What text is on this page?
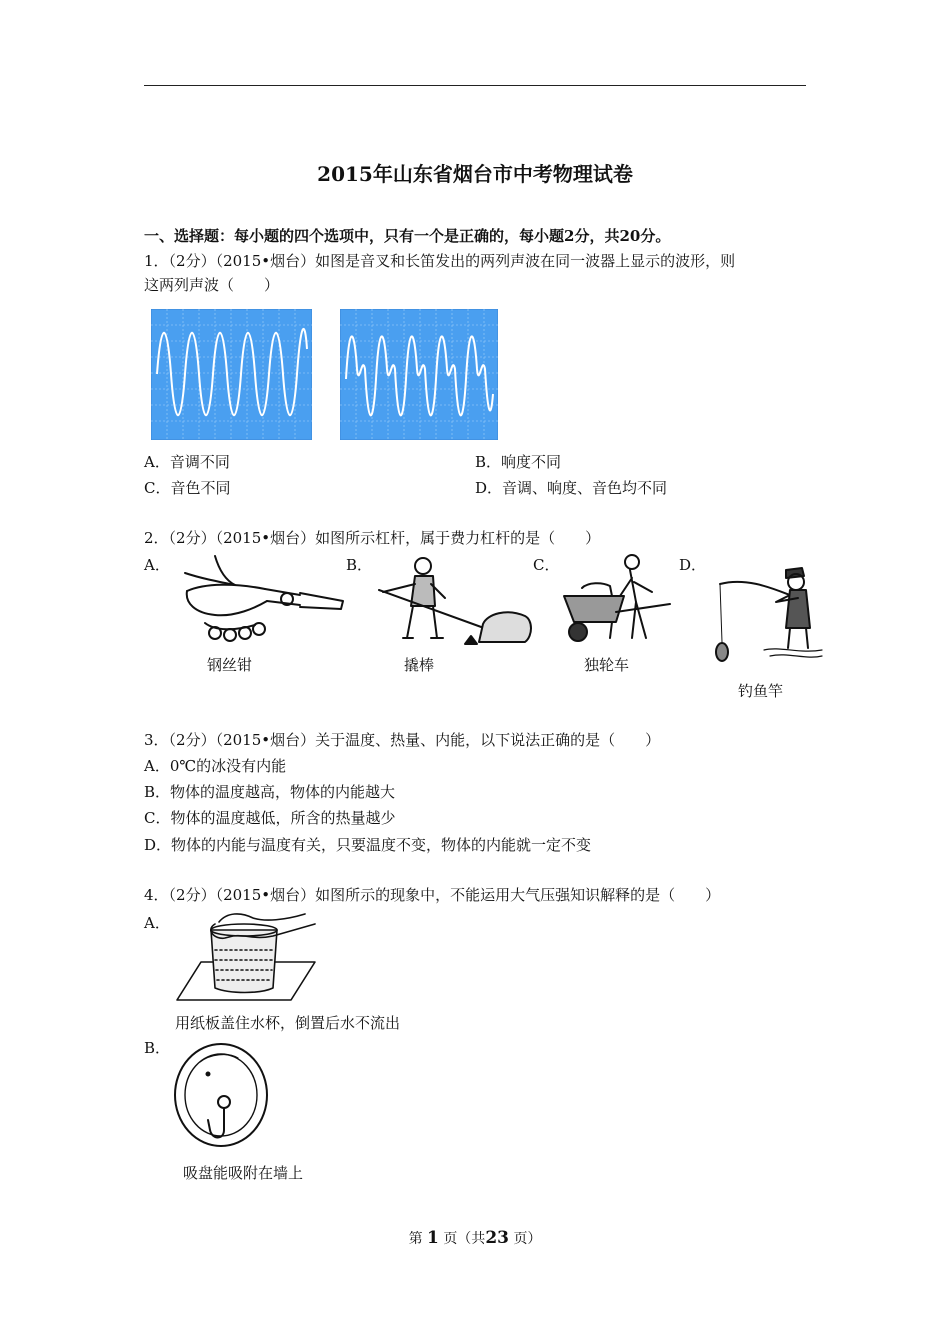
2015年山东省烟台市中考物理试卷
一、选择题：每小题的四个选项中，只有一个是正确的，每小题2分，共20分。
1．（2分）（2015•烟台）如图是音叉和长笛发出的两列声波在同一波器上显示的波形，则
这两列声波（　　）
A．音调不同	B．响度不同
C．音色不同	D．音调、响度、音色均不同
2．（2分）（2015•烟台）如图所示杠杆，属于费力杠杆的是（　　）
A．
钢丝钳
B．
撬棒
C．
独轮车
D．
钓鱼竿
3．（2分）（2015•烟台）关于温度、热量、内能，以下说法正确的是（　　）
A．0℃的冰没有内能
B．物体的温度越高，物体的内能越大
C．物体的温度越低，所含的热量越少
D．物体的内能与温度有关，只要温度不变，物体的内能就一定不变
4．（2分）（2015•烟台）如图所示的现象中，不能运用大气压强知识解释的是（　　）
A．
用纸板盖住水杯，倒置后水不流出
B．
吸盘能吸附在墙上
第 1 页（共23 页）
